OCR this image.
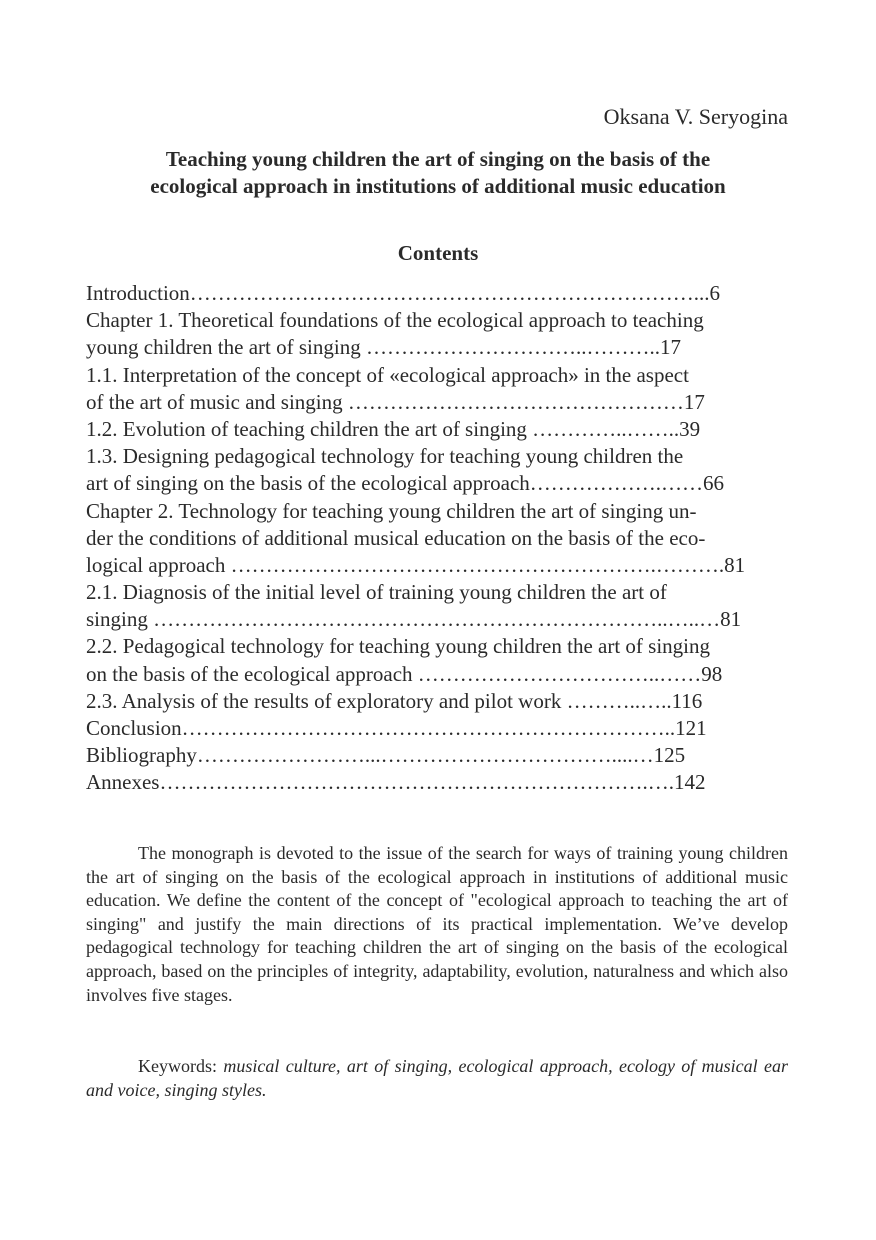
Oksana V. Seryogina
Teaching young children the art of singing on the basis of the
ecological approach in institutions of additional music education
Contents
Introduction………………………………………………………………...6
Chapter 1. Theoretical foundations of the ecological approach to teaching
young children the art of singing …………………………..………..17
1.1. Interpretation of the concept of «ecological approach» in the aspect
of the art of music and singing …………………………………………17
1.2. Evolution of teaching children the art of singing …………..……..39
1.3. Designing pedagogical technology for teaching young children the
art of singing on the basis of the ecological approach……………….……66
Chapter 2. Technology for teaching young children the art of singing un-
der the conditions of additional musical education on the basis of the eco-
logical approach …………………………………………………….……….81
2.1. Diagnosis of the initial level of training young children the art of
singing ………………………………………………………………..…..…81
2.2. Pedagogical technology for teaching young children the art of singing
on the basis of the ecological approach ……………………………..……98
2.3. Analysis of the results of exploratory and pilot work ………..…..116
Conclusion……………………………………………………………..121
Bibliography……………………...……………………………....…125
Annexes…………………………………………………………….….142

The monograph is devoted to the issue of the search for ways of training young children the art of singing on the basis of the ecological approach in institutions of additional music education. We define the content of the concept of "ecological approach to teaching the art of singing" and justify the main directions of its practical implementation. We’ve develop pedagogical technology for teaching children the art of singing on the basis of the ecological approach, based on the principles of integrity, adaptability, evolution, naturalness and which also involves five stages.

Keywords: musical culture, art of singing, ecological approach, ecology of musical ear and voice, singing styles.
